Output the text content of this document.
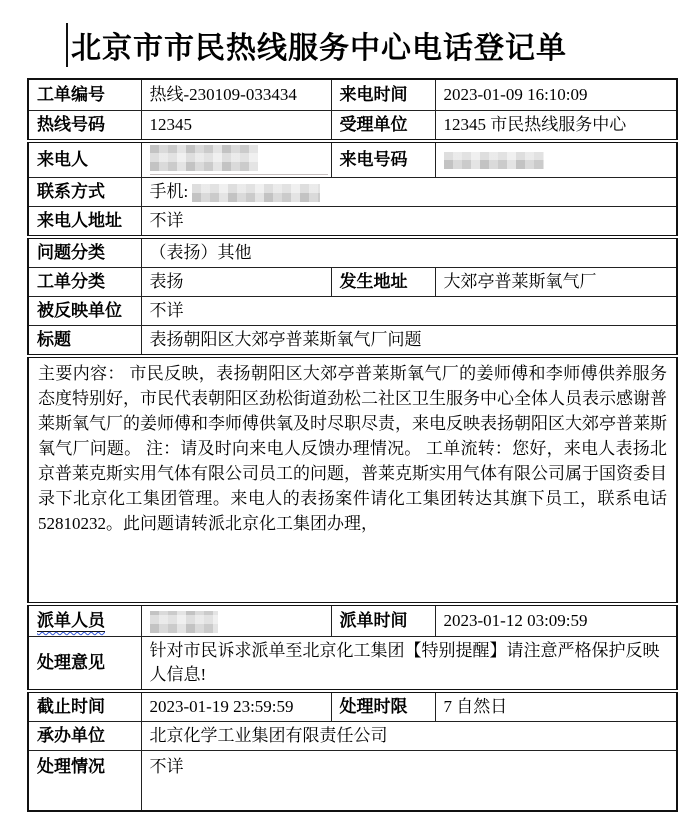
北京市市民热线服务中心电话登记单
工单编号	热线-230109-033434	来电时间	2023-01-09 16:10:09
热线号码	12345	受理单位	12345 市民热线服务中心
来电人		来电号码	
联系方式	手机:		
来电人地址	不详		
问题分类	（表扬）其他		
工单分类	表扬	发生地址	大郊亭普莱斯氧气厂
被反映单位	不详		
标题	表扬朝阳区大郊亭普莱斯氧气厂问题		
主要内容： 市民反映，表扬朝阳区大郊亭普莱斯氧气厂的姜师傅和李师傅供养服务态度特别好，市民代表朝阳区劲松街道劲松二社区卫生服务中心全体人员表示感谢普莱斯氧气厂的姜师傅和李师傅供氧及时尽职尽责，来电反映表扬朝阳区大郊亭普莱斯氧气厂问题。 注：请及时向来电人反馈办理情况。 工单流转：您好，来电人表扬北京普莱克斯实用气体有限公司员工的问题，普莱克斯实用气体有限公司属于国资委目录下北京化工集团管理。来电人的表扬案件请化工集团转达其旗下员工，联系电话 52810232。此问题请转派北京化工集团办理，			
派单人员		派单时间	2023-01-12 03:09:59
处理意见	针对市民诉求派单至北京化工集团【特别提醒】请注意严格保护反映人信息!		
截止时间	2023-01-19 23:59:59	处理时限	7 自然日
承办单位	北京化学工业集团有限责任公司		
处理情况	不详		
